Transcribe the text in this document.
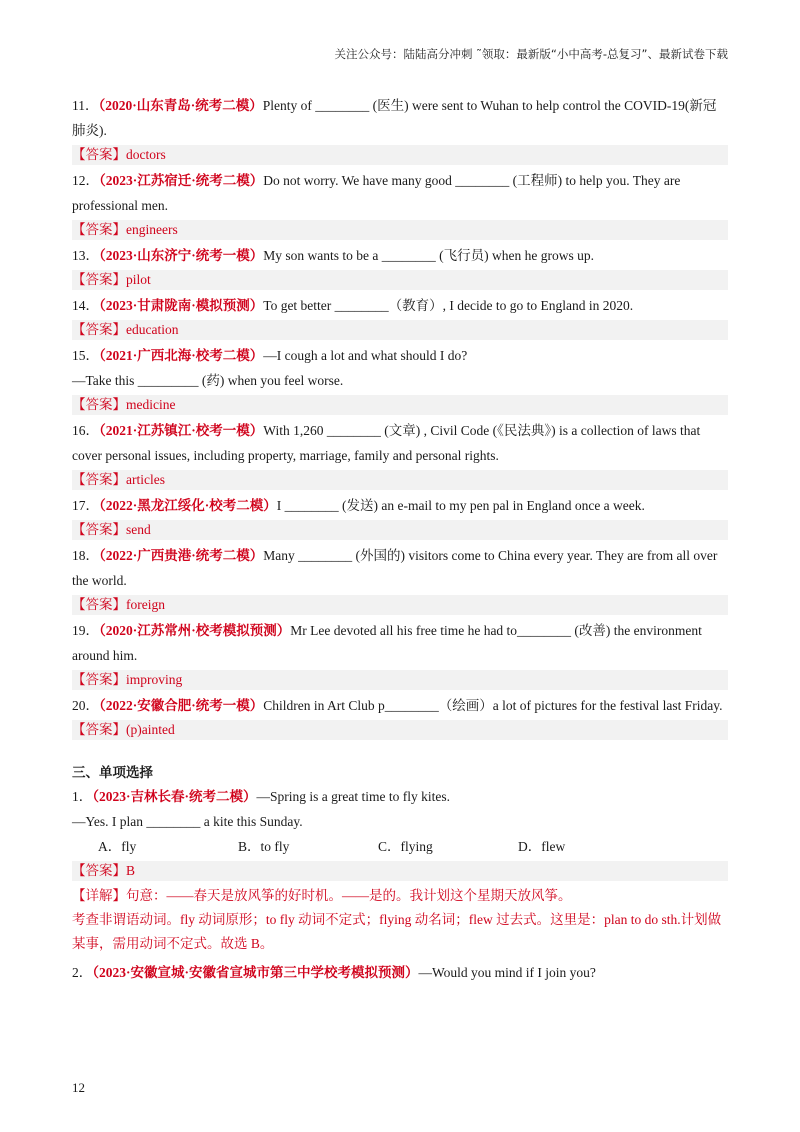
关注公众号：陆陆高分冲刺 ˜领取：最新版“小中高考-总复习”、最新试卷下载
11．（2020·山东青岛·统考二模）Plenty of ________ (医生) were sent to Wuhan to help control the COVID-19(新冠肺炎).
【答案】doctors
12．（2023·江苏宿迁·统考二模）Do not worry. We have many good ________ (工程师) to help you. They are professional men.
【答案】engineers
13．（2023·山东济宁·统考一模）My son wants to be a ________ (飞行员) when he grows up.
【答案】pilot
14．（2023·甘肃陇南·模拟预测）To get better ________（教育）, I decide to go to England in 2020.
【答案】education
15．（2021·广西北海·校考二模）—I cough a lot and what should I do?
—Take this _________ (药) when you feel worse.
【答案】medicine
16．（2021·江苏镇江·校考一模）With 1,260 ________ (文章) , Civil Code (《民法典》) is a collection of laws that cover personal issues, including property, marriage, family and personal rights.
【答案】articles
17．（2022·黑龙江绥化·校考二模）I ________ (发送) an e-mail to my pen pal in England once a week.
【答案】send
18．（2022·广西贵港·统考二模）Many ________ (外国的) visitors come to China every year. They are from all over the world.
【答案】foreign
19．（2020·江苏常州·校考模拟预测）Mr Lee devoted all his free time he had to________ (改善) the environment around him.
【答案】improving
20．（2022·安徽合肥·统考一模）Children in Art Club p________（绘画）a lot of pictures for the festival last Friday.
【答案】(p)ainted
三、单项选择
1．（2023·吉林长春·统考二模）—Spring is a great time to fly kites.
—Yes. I plan ________ a kite this Sunday.
A．fly	B．to fly	C．flying	D．flew
【答案】B
【详解】句意：——春天是放风筝的好时机。——是的。我计划这个星期天放风筝。
考查非谓语动词。fly 动词原形；to fly 动词不定式；flying 动名词；flew 过去式。这里是：plan to do sth.计划做某事，需用动词不定式。故选 B。
2．（2023·安徽宣城·安徽省宣城市第三中学校考模拟预测）—Would you mind if I join you?
12
